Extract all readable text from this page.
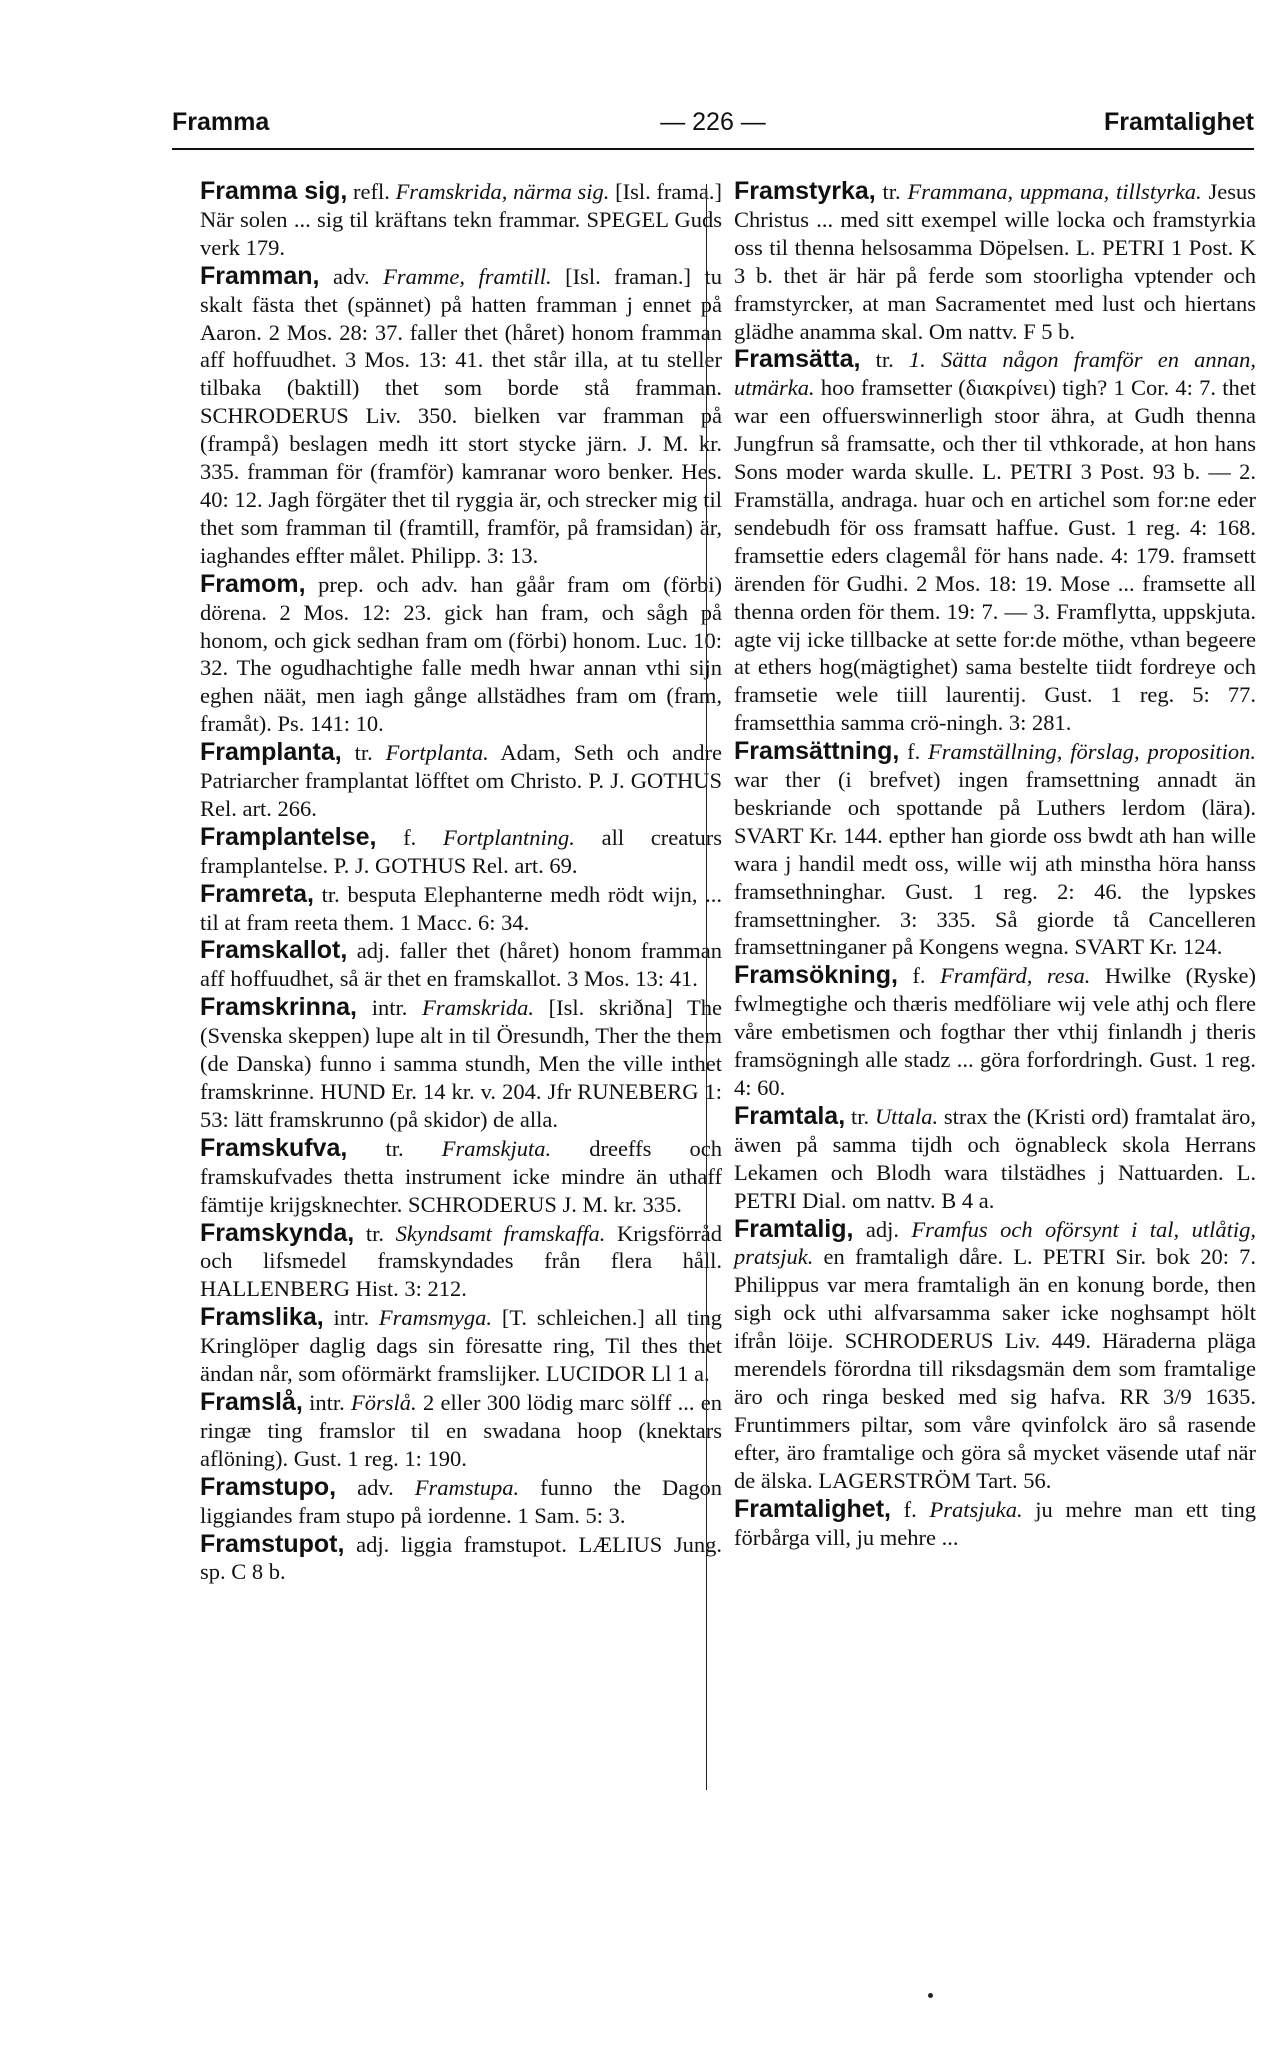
Framma	— 226 —	Framtalighet

Framma sig, refl. Framskrida, närma sig. [Isl. frama.] När solen ... sig til kräftans tekn frammar. SPEGEL Guds verk 179.

Framman, adv. Framme, framtill. [Isl. framan.] tu skalt fästa thet (spännet) på hatten framman j ennet på Aaron. 2 Mos. 28: 37. faller thet (håret) honom framman aff hoffuudhet. 3 Mos. 13: 41. thet står illa, at tu steller tilbaka (baktill) thet som borde stå framman. SCHRODERUS Liv. 350. bielken var framman på (frampå) beslagen medh itt stort stycke järn. J. M. kr. 335. framman för (framför) kamranar woro benker. Hes. 40: 12. Jagh förgäter thet til ryggia är, och strecker mig til thet som framman til (framtill, framför, på framsidan) är, iaghandes effter målet. Philipp. 3: 13.

Framom, prep. och adv. han gåår fram om (förbi) dörena. 2 Mos. 12: 23. gick han fram, och sågh på honom, och gick sedhan fram om (förbi) honom. Luc. 10: 32. The ogudhachtighe falle medh hwar annan vthi sijn eghen näät, men iagh gånge allstädhes fram om (fram, framåt). Ps. 141: 10.

Framplanta, tr. Fortplanta. Adam, Seth och andre Patriarcher framplantat löfftet om Christo. P. J. GOTHUS Rel. art. 266.

Framplantelse, f. Fortplantning. all creaturs framplantelse. P. J. GOTHUS Rel. art. 69.

Framreta, tr. besputa Elephanterne medh rödt wijn, ... til at fram reeta them. 1 Macc. 6: 34.

Framskallot, adj. faller thet (håret) honom framman aff hoffuudhet, så är thet en framskallot. 3 Mos. 13: 41.

Framskrinna, intr. Framskrida. [Isl. skriðna] The (Svenska skeppen) lupe alt in til Öresundh, Ther the them (de Danska) funno i samma stundh, Men the ville inthet framskrinne. HUND Er. 14 kr. v. 204. Jfr RUNEBERG 1: 53: lätt framskrunno (på skidor) de alla.

Framskufva, tr. Framskjuta. dreeffs och framskufvades thetta instrument icke mindre än uthaff fämtije krijgsknechter. SCHRODERUS J. M. kr. 335.

Framskynda, tr. Skyndsamt framskaffa. Krigsförråd och lifsmedel framskyndades från flera håll. HALLENBERG Hist. 3: 212.

Framslika, intr. Framsmyga. [T. schleichen.] all ting Kringlöper daglig dags sin föresatte ring, Til thes thet ändan når, som oförmärkt framslijker. LUCIDOR Ll 1 a.

Framslå, intr. Förslå. 2 eller 300 lödig marc sölff ... en ringæ ting framslor til en swadana hoop (knektars aflöning). Gust. 1 reg. 1: 190.

Framstupo, adv. Framstupa. funno the Dagon liggiandes fram stupo på iordenne. 1 Sam. 5: 3.

Framstupot, adj. liggia framstupot. LÆLIUS Jung. sp. C 8 b.

Framstyrka, tr. Frammana, uppmana, tillstyrka. Jesus Christus ... med sitt exempel wille locka och framstyrkia oss til thenna helsosamma Döpelsen. L. PETRI 1 Post. K 3 b. thet är här på ferde som stoorligha vptender och framstyrcker, at man Sacramentet med lust och hiertans glädhe anamma skal. Om nattv. F 5 b.

Framsätta, tr. 1. Sätta någon framför en annan, utmärka. hoo framsetter (διακρίνει) tigh? 1 Cor. 4: 7. thet war een offuerswinnerligh stoor ähra, at Gudh thenna Jungfrun så framsatte, och ther til vthkorade, at hon hans Sons moder warda skulle. L. PETRI 3 Post. 93 b. — 2. Framställa, andraga. huar och en artichel som for:ne eder sendebudh för oss framsatt haffue. Gust. 1 reg. 4: 168. framsettie eders clagemål för hans nade. 4: 179. framsett ärenden för Gudhi. 2 Mos. 18: 19. Mose ... framsette all thenna orden för them. 19: 7. — 3. Framflytta, uppskjuta. agte vij icke tillbacke at sette for:de möthe, vthan begeere at ethers hog(mägtighet) sama bestelte tiidt fordreye och framsetie wele tiill laurentij. Gust. 1 reg. 5: 77. framsetthia samma crö-ningh. 3: 281.

Framsättning, f. Framställning, förslag, proposition. war ther (i brefvet) ingen framsettning annadt än beskriande och spottande på Luthers lerdom (lära). SVART Kr. 144. epther han giorde oss bwdt ath han wille wara j handil medt oss, wille wij ath minstha höra hanss framsethninghar. Gust. 1 reg. 2: 46. the lypskes framsettningher. 3: 335. Så giorde tå Cancelleren framsettninganer på Kongens wegna. SVART Kr. 124.

Framsökning, f. Framfärd, resa. Hwilke (Ryske) fwlmegtighe och thæris medföliare wij vele athj och flere våre embetismen och fogthar ther vthij finlandh j theris framsögningh alle stadz ... göra forfordringh. Gust. 1 reg. 4: 60.

Framtala, tr. Uttala. strax the (Kristi ord) framtalat äro, äwen på samma tijdh och ögnableck skola Herrans Lekamen och Blodh wara tilstädhes j Nattuarden. L. PETRI Dial. om nattv. B 4 a.

Framtalig, adj. Framfus och oförsynt i tal, utlåtig, pratsjuk. en framtaligh dåre. L. PETRI Sir. bok 20: 7. Philippus var mera framtaligh än en konung borde, then sigh ock uthi alfvarsamma saker icke noghsampt hölt ifrån löije. SCHRODERUS Liv. 449. Häraderna pläga merendels förordna till riksdagsmän dem som framtalige äro och ringa besked med sig hafva. RR 3/9 1635. Fruntimmers piltar, som våre qvinfolck äro så rasende efter, äro framtalige och göra så mycket väsende utaf när de älska. LAGERSTRÖM Tart. 56.

Framtalighet, f. Pratsjuka. ju mehre man ett ting förbårga vill, ju mehre ...
